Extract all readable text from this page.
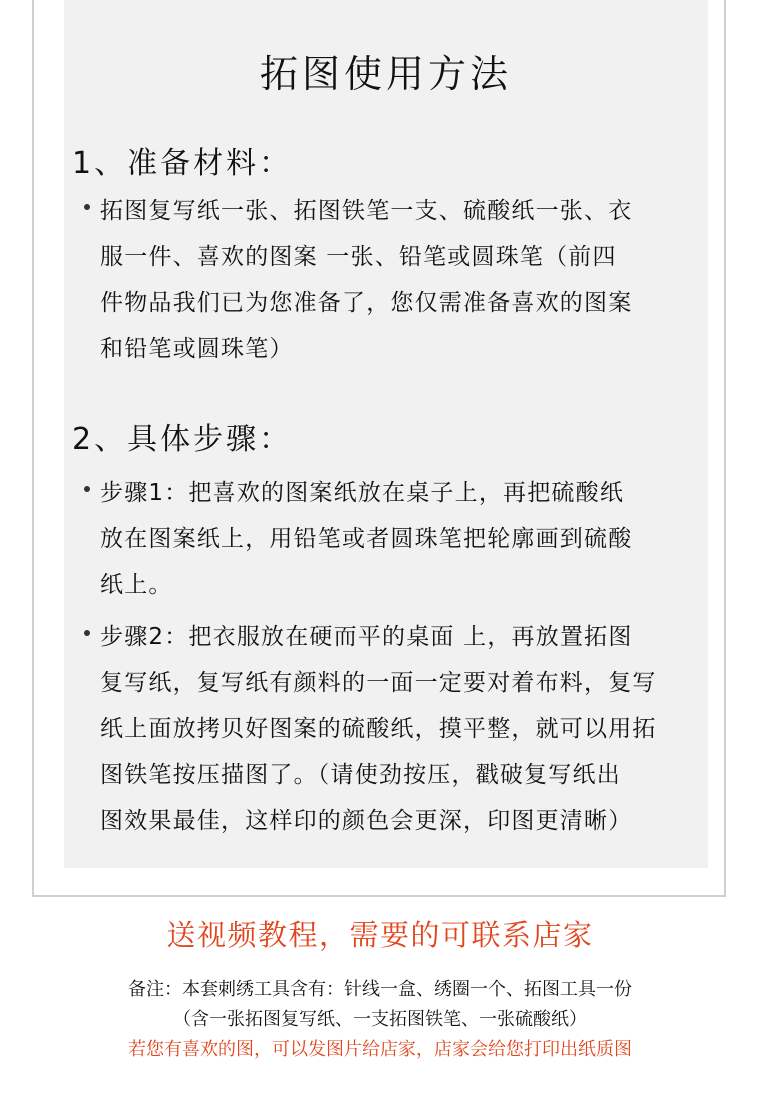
拓图使用方法
1、准备材料：
拓图复写纸一张、拓图铁笔一支、硫酸纸一张、衣
服一件、喜欢的图案 一张、铅笔或圆珠笔（前四
件物品我们已为您准备了，您仅需准备喜欢的图案
和铅笔或圆珠笔）
2、具体步骤：
步骤1：把喜欢的图案纸放在桌子上，再把硫酸纸
放在图案纸上，用铅笔或者圆珠笔把轮廓画到硫酸
纸上。
步骤2：把衣服放在硬而平的桌面 上，再放置拓图
复写纸，复写纸有颜料的一面一定要对着布料，复写
纸上面放拷贝好图案的硫酸纸，摸平整，就可以用拓
图铁笔按压描图了。（请使劲按压，戳破复写纸出
图效果最佳，这样印的颜色会更深，印图更清晰）
送视频教程，需要的可联系店家
备注：本套刺绣工具含有：针线一盒、绣圈一个、拓图工具一份
（含一张拓图复写纸、一支拓图铁笔、一张硫酸纸）
若您有喜欢的图，可以发图片给店家，店家会给您打印出纸质图
